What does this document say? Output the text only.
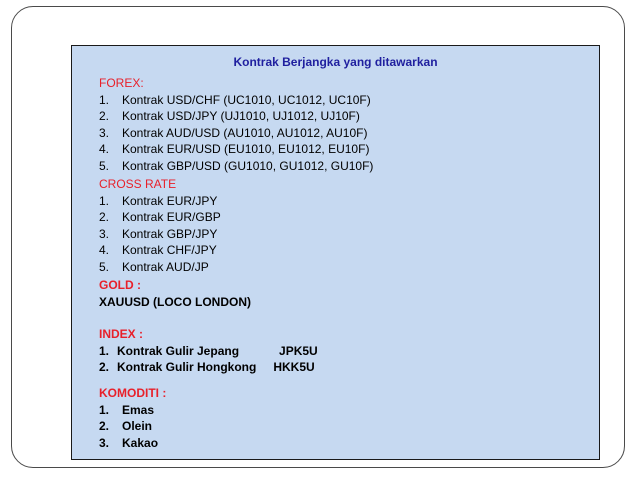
Kontrak Berjangka yang ditawarkan

FOREX:

1. Kontrak USD/CHF (UC1010, UC1012, UC10F)

2. Kontrak USD/JPY (UJ1010, UJ1012, UJ10F)

3. Kontrak AUD/USD (AU1010, AU1012, AU10F)

4. Kontrak EUR/USD (EU1010, EU1012, EU10F)

5. Kontrak GBP/USD (GU1010, GU1012, GU10F)

CROSS RATE

1. Kontrak EUR/JPY

2. Kontrak EUR/GBP

3. Kontrak GBP/JPY

4. Kontrak CHF/JPY

5. Kontrak AUD/JP

GOLD :

XAUUSD (LOCO LONDON)

INDEX :

1. Kontrak Gulir Jepang	JPK5U

2. Kontrak Gulir Hongkong HKK5U

KOMODITI :

1. Emas

2. Olein

3. Kakao
